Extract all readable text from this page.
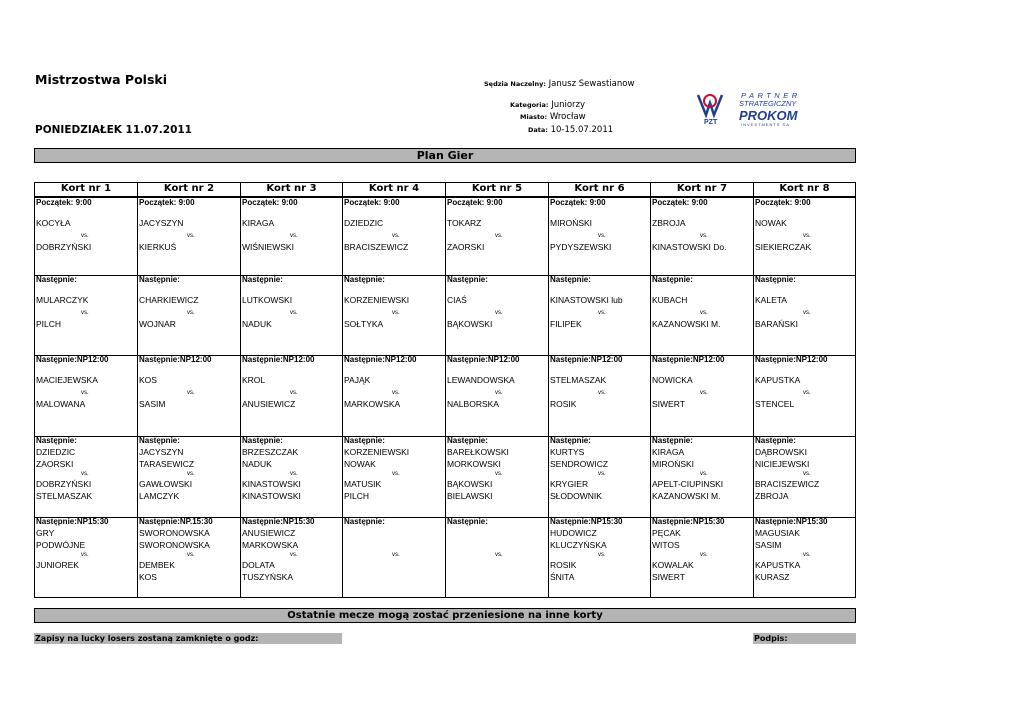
Mistrzostwa Polski
PONIEDZIAŁEK 11.07.2011
Sędzia Naczelny: Janusz Sewastianow
Kategoria: Juniorzy
Miasto: Wrocław
Data: 10-15.07.2011
PZT
PARTNER
STRATEGICZNY
PROKOM
INVESTMENTS SA
Plan Gier
Kort nr 1
Początek: 9:00
KOCYŁA
vs.
DOBRZYŃSKI
Następnie:
MULARCZYK
vs.
PILCH
Następnie:NP12:00
MACIEJEWSKA
vs.
MALOWANA
Następnie:
DZIEDZIC
ZAORSKI
vs.
DOBRZYŃSKI
STELMASZAK
Następnie:NP15:30
GRY
PODWÓJNE
vs.
JUNIOREK
Kort nr 2
Początek: 9:00
JACYSZYN
vs.
KIERKUŚ
Następnie:
CHARKIEWICZ
vs.
WOJNAR
Następnie:NP12:00
KOS
vs.
SASIM
Następnie:
JACYSZYN
TARASEWICZ
vs.
GAWŁOWSKI
LAMCZYK
Następnie:NP.15:30
SWORONOWSKA
SWORONOWSKA
vs.
DEMBEK
KOS
Kort nr 3
Początek: 9:00
KIRAGA
vs.
WIŚNIEWSKI
Następnie:
LUTKOWSKI
vs.
NADUK
Następnie:NP12:00
KROL
vs.
ANUSIEWICZ
Następnie:
BRZESZCZAK
NADUK
vs.
KINASTOWSKI
KINASTOWSKI
Następnie:NP15:30
ANUSIEWICZ
MARKOWSKA
vs.
DOLATA
TUSZYŃSKA
Kort nr 4
Początek: 9:00
DZIEDZIC
vs.
BRACISZEWICZ
Następnie:
KORZENIEWSKI
vs.
SOŁTYKA
Następnie:NP12:00
PAJĄK
vs.
MARKOWSKA
Następnie:
KORZENIEWSKI
NOWAK
vs.
MATUSIK
PILCH
Następnie:
vs.
Kort nr 5
Początek: 9:00
TOKARZ
vs.
ZAORSKI
Następnie:
CIAŚ
vs.
BĄKOWSKI
Następnie:NP12:00
LEWANDOWSKA
vs.
NALBORSKA
Następnie:
BAREŁKOWSKI
MORKOWSKI
vs.
BĄKOWSKI
BIELAWSKI
Następnie:
vs.
Kort nr 6
Początek: 9:00
MIROŃSKI
vs.
PYDYSZEWSKI
Następnie:
KINASTOWSKI lub
vs.
FILIPEK
Następnie:NP12:00
STELMASZAK
vs.
ROSIK
Następnie:
KURTYS
SENDROWICZ
vs.
KRYGIER
SŁODOWNIK
Następnie:NP15:30
HUDOWICZ
KLUCZYŃSKA
vs.
ROSIK
ŚNITA
Kort nr 7
Początek: 9:00
ZBROJA
vs.
KINASTOWSKI Do.
Następnie:
KUBACH
vs.
KAZANOWSKI M.
Następnie:NP12:00
NOWICKA
vs.
SIWERT
Następnie:
KIRAGA
MIROŃSKI
vs.
APELT-CIUPINSKI
KAZANOWSKI M.
Następnie:NP15:30
PĘCAK
WITOS
vs.
KOWALAK
SIWERT
Kort nr 8
Początek: 9:00
NOWAK
vs.
SIEKIERCZAK
Następnie:
KALETA
vs.
BARAŃSKI
Następnie:NP12:00
KAPUSTKA
vs.
STENCEL
Następnie:
DĄBROWSKI
NICIEJEWSKI
vs.
BRACISZEWICZ
ZBROJA
Następnie:NP15:30
MAGUSIAK
SASIM
vs.
KAPUSTKA
KURASZ
Ostatnie mecze mogą zostać przeniesione na inne korty
Zapisy na lucky losers zostaną zamknięte o godz:	Podpis:
